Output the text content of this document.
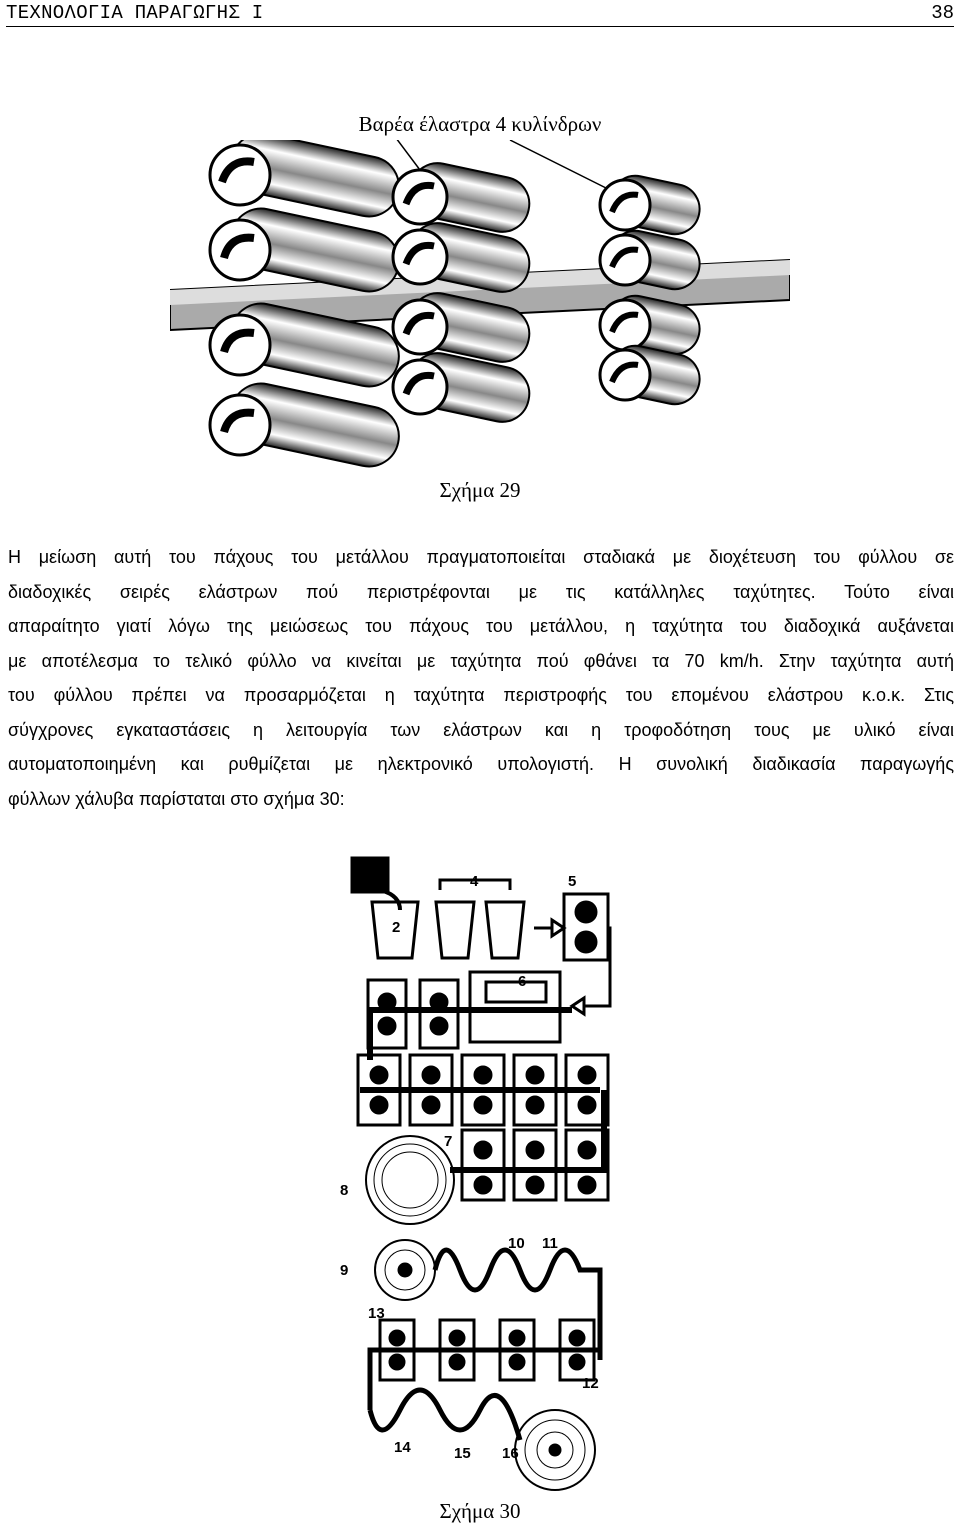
ΤΕΧΝΟΛΟΓΙΑ ΠΑΡΑΓΩΓΗΣ Ι	38
Βαρέα έλαστρα 4 κυλίνδρων
Σχήμα 29
Η μείωση αυτή του πάχους του μετάλλου πραγματοποιείται σταδιακά με διοχέτευση του φύλλου σε
διαδοχικές σειρές ελάστρων πού περιστρέφονται με τις κατάλληλες ταχύτητες. Τούτο είναι
απαραίτητο γιατί λόγω της μειώσεως του πάχους του μετάλλου, η ταχύτητα του διαδοχικά αυξάνεται
με αποτέλεσμα το τελικό φύλλο να κινείται με ταχύτητα πού φθάνει τα 70 km/h. Στην ταχύτητα αυτή
του φύλλου πρέπει να προσαρμόζεται η ταχύτητα περιστροφής του επομένου ελάστρου κ.ο.κ. Στις
σύγχρονες εγκαταστάσεις η λειτουργία των ελάστρων και η τροφοδότηση τους με υλικό είναι
αυτοματοποιημένη και ρυθμίζεται με ηλεκτρονικό υπολογιστή. Η συνολική διαδικασία παραγωγής
φύλλων χάλυβα παρίσταται στο σχήμα 30:
2
4	5
6
7
8
9
10 11
12
13
14	15 16
Σχήμα 30
